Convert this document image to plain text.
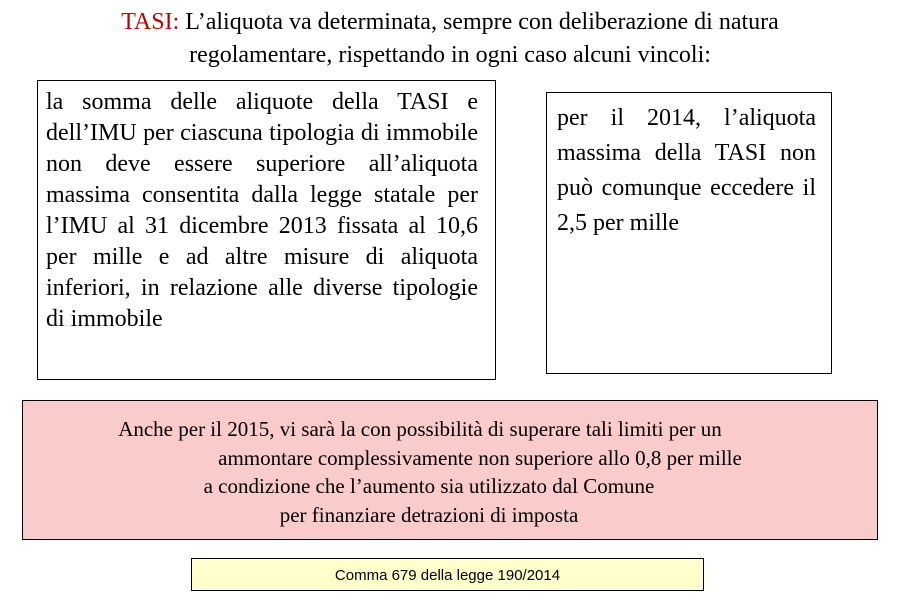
TASI: L’aliquota va determinata, sempre con deliberazione di natura
regolamentare, rispettando in ogni caso alcuni vincoli:
la somma delle aliquote della TASI e dell’IMU per ciascuna tipologia di immobile non deve essere superiore all’aliquota massima consentita dalla legge statale per l’IMU al 31 dicembre 2013 fissata al 10,6 per mille e ad altre misure di aliquota inferiori, in relazione alle diverse tipologie di immobile
per il 2014, l’aliquota massima della TASI non può comunque eccedere il 2,5 per mille
Anche per il 2015, vi sarà la con possibilità di superare tali limiti per un
ammontare complessivamente non superiore allo 0,8 per mille
a condizione che l’aumento sia utilizzato dal Comune
per finanziare detrazioni di imposta
Comma 679 della legge 190/2014
